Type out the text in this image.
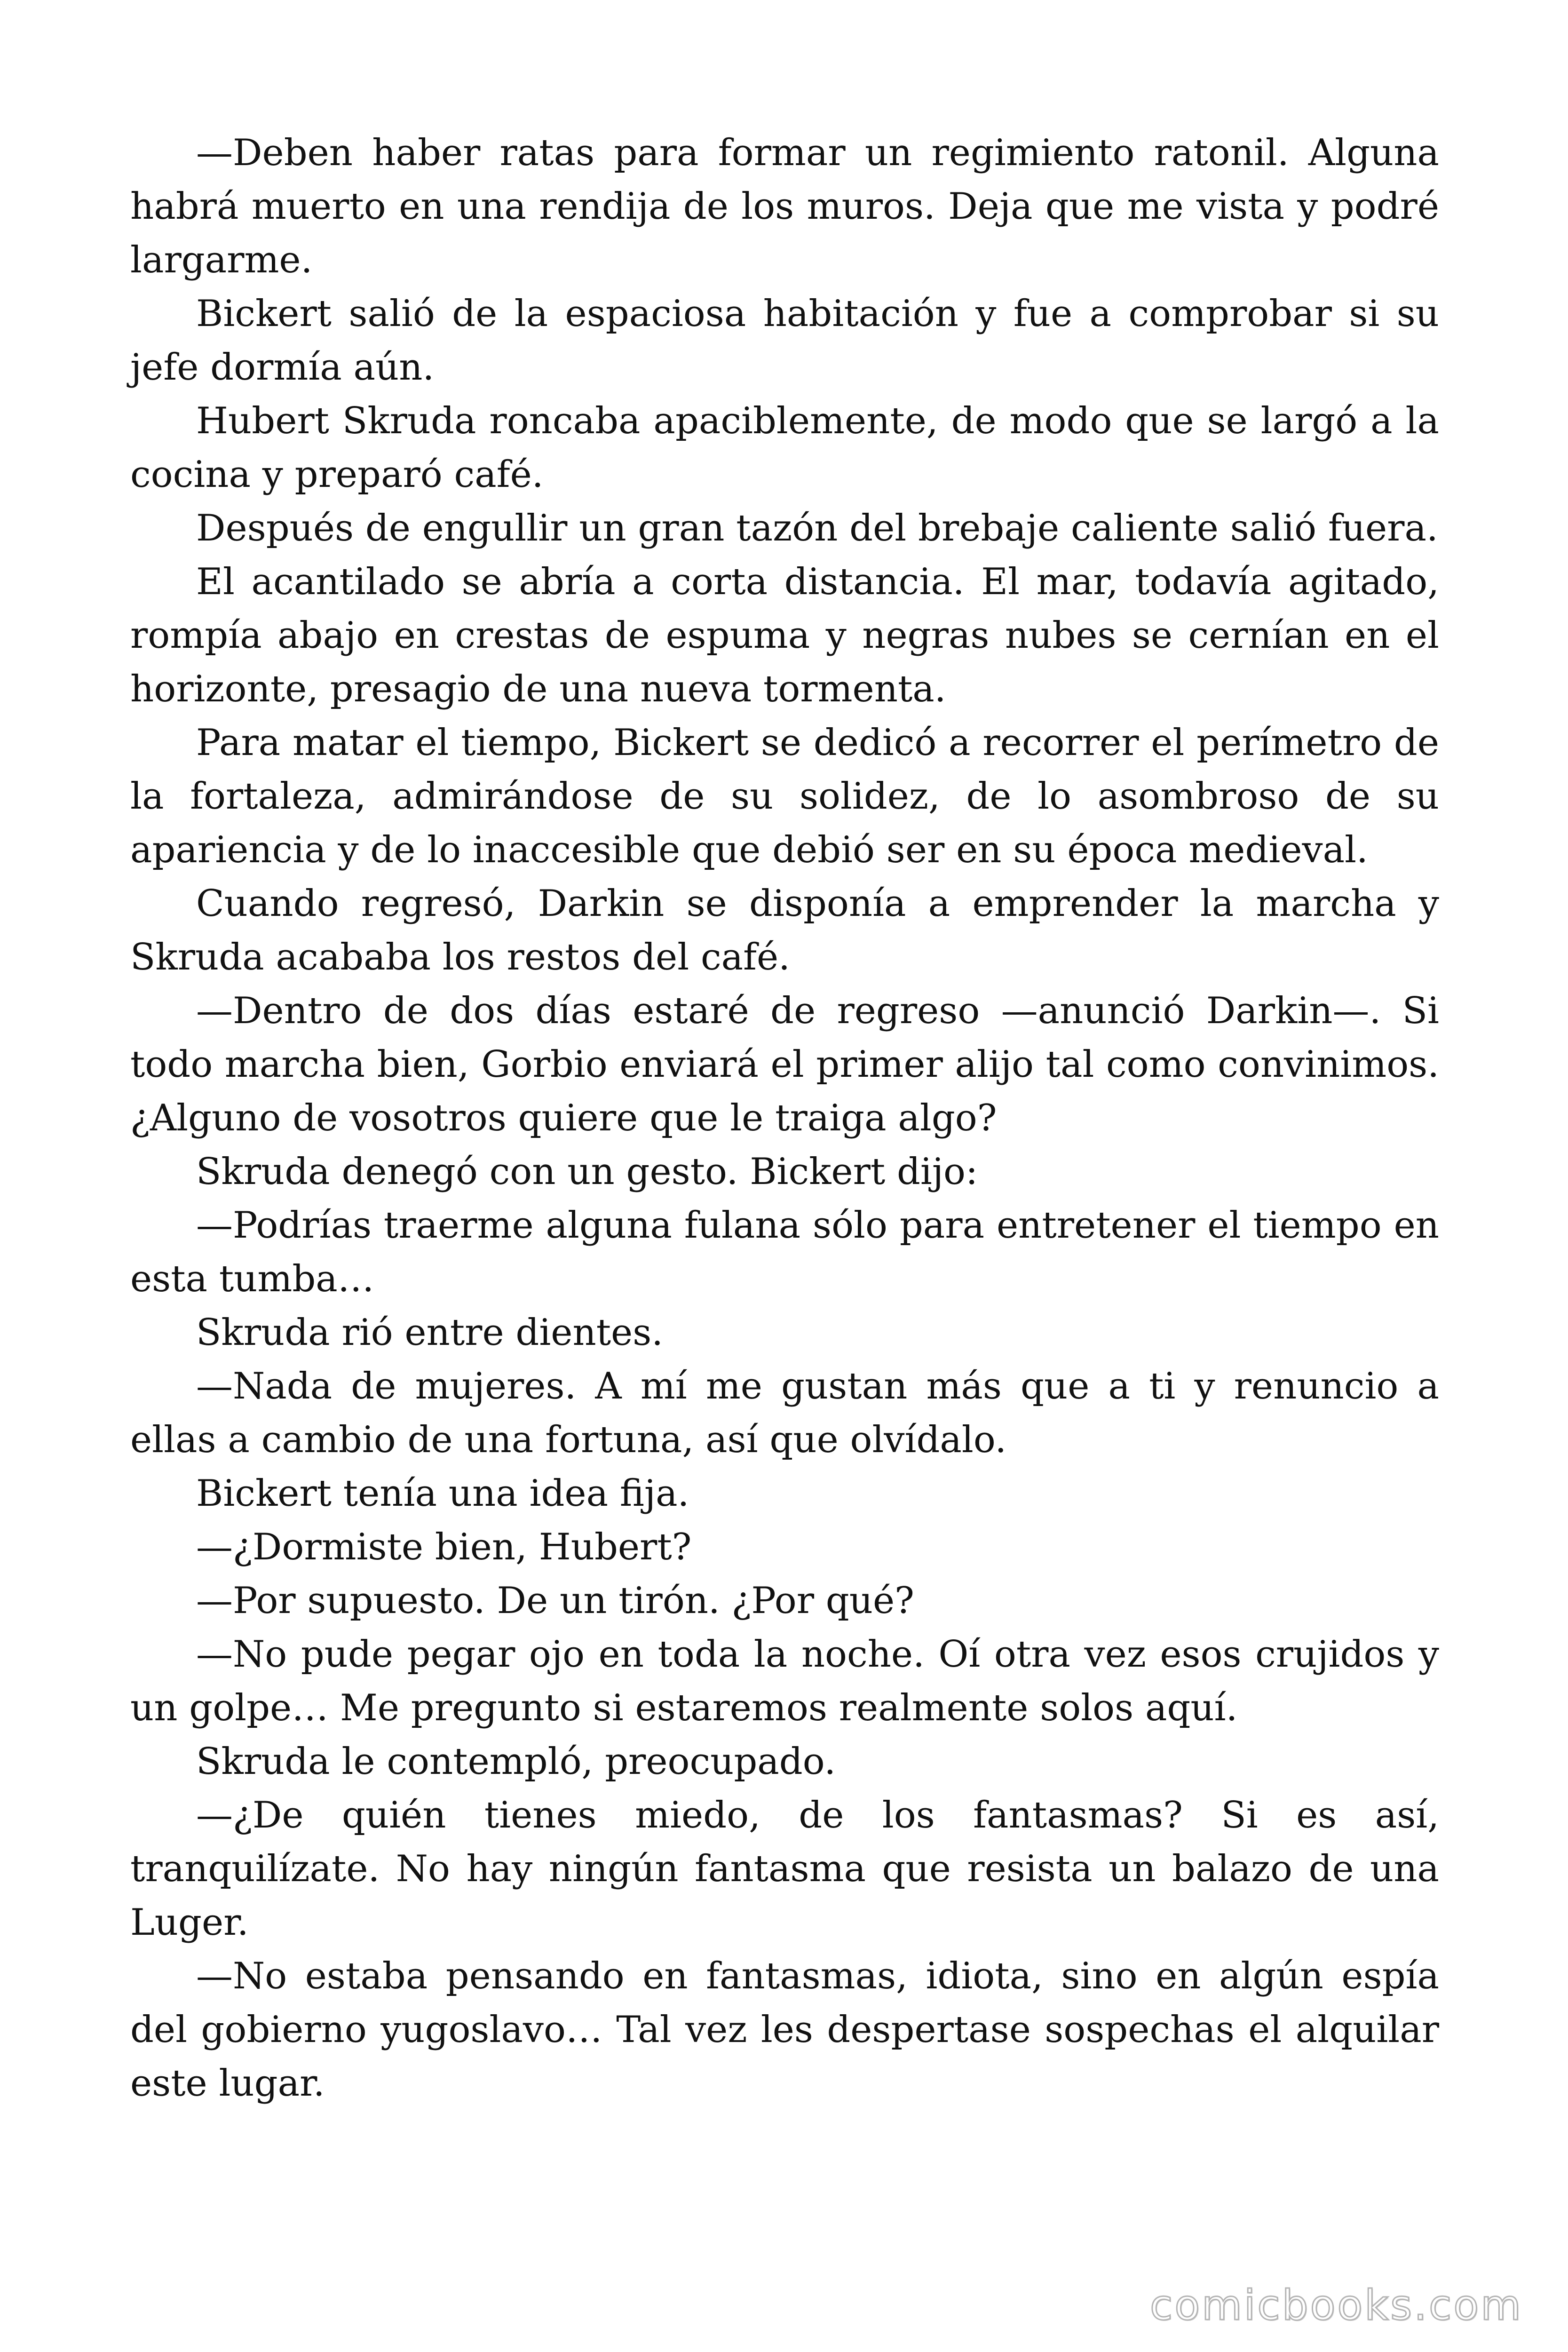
—Deben haber ratas para formar un regimiento ratonil. Alguna habrá muerto en una rendija de los muros. Deja que me vista y podré largarme.

Bickert salió de la espaciosa habitación y fue a comprobar si su jefe dormía aún.

Hubert Skruda roncaba apaciblemente, de modo que se largó a la cocina y preparó café.

Después de engullir un gran tazón del brebaje caliente salió fuera.

El acantilado se abría a corta distancia. El mar, todavía agitado, rompía abajo en crestas de espuma y negras nubes se cernían en el horizonte, presagio de una nueva tormenta.

Para matar el tiempo, Bickert se dedicó a recorrer el perímetro de la fortaleza, admirándose de su solidez, de lo asombroso de su apariencia y de lo inaccesible que debió ser en su época medieval.

Cuando regresó, Darkin se disponía a emprender la marcha y Skruda acababa los restos del café.

—Dentro de dos días estaré de regreso —anunció Darkin—. Si todo marcha bien, Gorbio enviará el primer alijo tal como convinimos. ¿Alguno de vosotros quiere que le traiga algo?

Skruda denegó con un gesto. Bickert dijo:

—Podrías traerme alguna fulana sólo para entretener el tiempo en esta tumba…

Skruda rió entre dientes.

—Nada de mujeres. A mí me gustan más que a ti y renuncio a ellas a cambio de una fortuna, así que olvídalo.

Bickert tenía una idea fija.

—¿Dormiste bien, Hubert?

—Por supuesto. De un tirón. ¿Por qué?

—No pude pegar ojo en toda la noche. Oí otra vez esos crujidos y un golpe… Me pregunto si estaremos realmente solos aquí.

Skruda le contempló, preocupado.

—¿De quién tienes miedo, de los fantasmas? Si es así, tranquilízate. No hay ningún fantasma que resista un balazo de una Luger.

—No estaba pensando en fantasmas, idiota, sino en algún espía del gobierno yugoslavo… Tal vez les despertase sospechas el alquilar este lugar.

comicbooks.com
